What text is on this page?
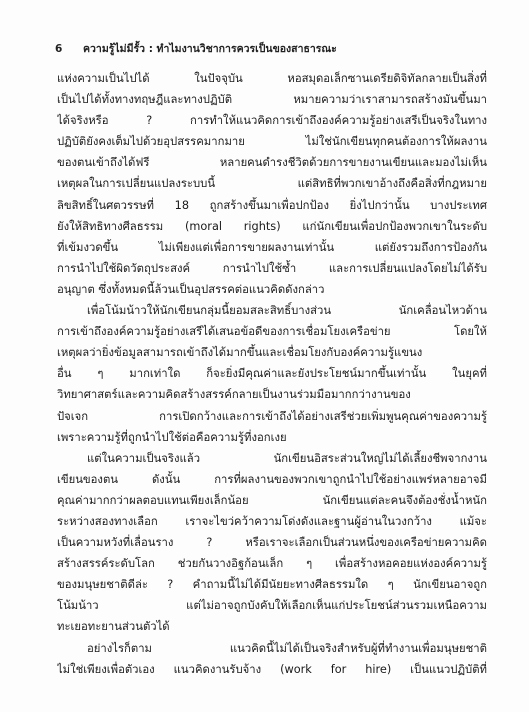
6 ความรู้ไม่มีรั้ว : ทำไมงานวิชาการควรเป็นของสาธารณะ
แห่งความเป็นไปได้ ในปัจจุบัน หอสมุดอเล็กซานเดรียดิจิทัลกลายเป็นสิ่งที่
เป็นไปได้ทั้งทางทฤษฎีและทางปฏิบัติ หมายความว่าเราสามารถสร้างมันขึ้นมา
ได้จริงหรือ ? การทำให้แนวคิดการเข้าถึงองค์ความรู้อย่างเสรีเป็นจริงในทาง
ปฏิบัติยังคงเต็มไปด้วยอุปสรรคมากมาย ไม่ใช่นักเขียนทุกคนต้องการให้ผลงาน
ของตนเข้าถึงได้ฟรี หลายคนดำรงชีวิตด้วยการขายงานเขียนและมองไม่เห็น
เหตุผลในการเปลี่ยนแปลงระบบนี้ แต่สิทธิที่พวกเขาอ้างถึงคือสิ่งที่กฎหมาย
ลิขสิทธิ์ในศตวรรษที่ 18 ถูกสร้างขึ้นมาเพื่อปกป้อง ยิ่งไปกว่านั้น บางประเทศ
ยังให้สิทธิทางศีลธรรม (moral rights) แก่นักเขียนเพื่อปกป้องพวกเขาในระดับ
ที่เข้มงวดขึ้น ไม่เพียงแต่เพื่อการขายผลงานเท่านั้น แต่ยังรวมถึงการป้องกัน
การนำไปใช้ผิดวัตถุประสงค์ การนำไปใช้ซ้ำ และการเปลี่ยนแปลงโดยไม่ได้รับ
อนุญาต ซึ่งทั้งหมดนี้ล้วนเป็นอุปสรรคต่อแนวคิดดังกล่าว
เพื่อโน้มน้าวให้นักเขียนกลุ่มนี้ยอมสละสิทธิ์บางส่วน นักเคลื่อนไหวด้าน
การเข้าถึงองค์ความรู้อย่างเสรีได้เสนอข้อดีของการเชื่อมโยงเครือข่าย โดยให้
เหตุผลว่ายิ่งข้อมูลสามารถเข้าถึงได้มากขึ้นและเชื่อมโยงกับองค์ความรู้แขนง
อื่น ๆ มากเท่าใด ก็จะยิ่งมีคุณค่าและยังประโยชน์มากขึ้นเท่านั้น ในยุคที่
วิทยาศาสตร์และความคิดสร้างสรรค์กลายเป็นงานร่วมมือมากกว่างานของ
ปัจเจก การเปิดกว้างและการเข้าถึงได้อย่างเสรีช่วยเพิ่มพูนคุณค่าของความรู้
เพราะความรู้ที่ถูกนำไปใช้ต่อคือความรู้ที่งอกเงย
แต่ในความเป็นจริงแล้ว นักเขียนอิสระส่วนใหญ่ไม่ได้เลี้ยงชีพจากงาน
เขียนของตน ดังนั้น การที่ผลงานของพวกเขาถูกนำไปใช้อย่างแพร่หลายอาจมี
คุณค่ามากกว่าผลตอบแทนเพียงเล็กน้อย นักเขียนแต่ละคนจึงต้องชั่งน้ำหนัก
ระหว่างสองทางเลือก เราจะไขว่คว้าความโด่งดังและฐานผู้อ่านในวงกว้าง แม้จะ
เป็นความหวังที่เลื่อนราง ? หรือเราจะเลือกเป็นส่วนหนึ่งของเครือข่ายความคิด
สร้างสรรค์ระดับโลก ช่วยกันวางอิฐก้อนเล็ก ๆ เพื่อสร้างหอคอยแห่งองค์ความรู้
ของมนุษยชาติดีล่ะ ? คำถามนี้ไม่ได้มีนัยยะทางศีลธรรมใด ๆ นักเขียนอาจถูก
โน้มน้าว แต่ไม่อาจถูกบังคับให้เลือกเห็นแก่ประโยชน์ส่วนรวมเหนือความ
ทะเยอทะยานส่วนตัวได้
อย่างไรก็ตาม แนวคิดนี้ไม่ได้เป็นจริงสำหรับผู้ที่ทำงานเพื่อมนุษยชาติ
ไม่ใช่เพียงเพื่อตัวเอง แนวคิดงานรับจ้าง (work for hire) เป็นแนวปฏิบัติที่
